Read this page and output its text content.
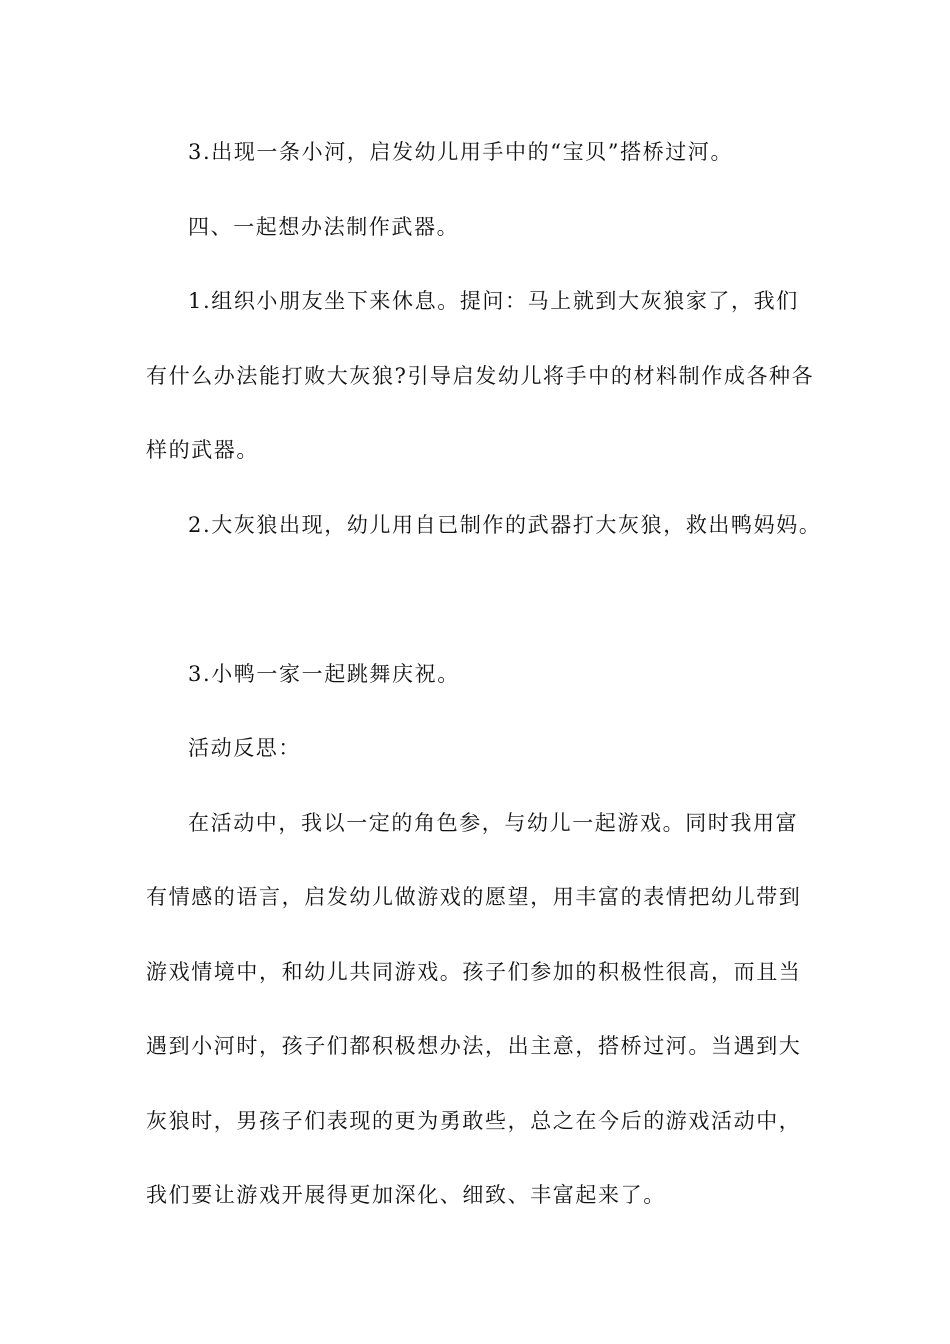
3.出现一条小河，启发幼儿用手中的“宝贝”搭桥过河。
四、一起想办法制作武器。
1.组织小朋友坐下来休息。提问：马上就到大灰狼家了，我们
有什么办法能打败大灰狼?引导启发幼儿将手中的材料制作成各种各
样的武器。
2.大灰狼出现，幼儿用自已制作的武器打大灰狼，救出鸭妈妈。
3.小鸭一家一起跳舞庆祝。
活动反思：
在活动中，我以一定的角色参，与幼儿一起游戏。同时我用富
有情感的语言，启发幼儿做游戏的愿望，用丰富的表情把幼儿带到
游戏情境中，和幼儿共同游戏。孩子们参加的积极性很高，而且当
遇到小河时，孩子们都积极想办法，出主意，搭桥过河。当遇到大
灰狼时，男孩子们表现的更为勇敢些，总之在今后的游戏活动中，
我们要让游戏开展得更加深化、细致、丰富起来了。
